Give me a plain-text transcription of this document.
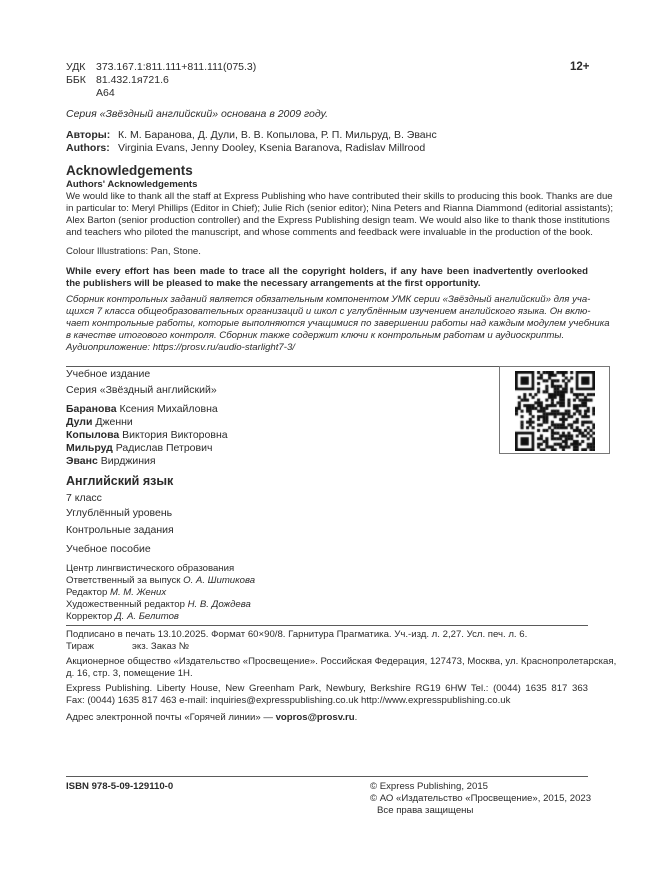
УДК 373.167.1:811.111+811.111(075.3)
ББК 81.432.1я721.6
А64
12+
Серия «Звёздный английский» основана в 2009 году.
Авторы: К. М. Баранова, Д. Дули, В. В. Копылова, Р. П. Мильруд, В. Эванс
Authors: Virginia Evans, Jenny Dooley, Ksenia Baranova, Radislav Millrood
Acknowledgements
Authors' Acknowledgements
We would like to thank all the staff at Express Publishing who have contributed their skills to producing this book. Thanks are due
in particular to: Meryl Phillips (Editor in Chief); Julie Rich (senior editor); Nina Peters and Rianna Diammond (editorial assistants);
Alex Barton (senior production controller) and the Express Publishing design team. We would also like to thank those institutions
and teachers who piloted the manuscript, and whose comments and feedback were invaluable in the production of the book.
Colour Illustrations: Pan, Stone.
While every effort has been made to trace all the copyright holders, if any have been inadvertently overlooked
the publishers will be pleased to make the necessary arrangements at the first opportunity.
Сборник контрольных заданий является обязательным компонентом УМК серии «Звёздный английский» для уча-
щихся 7 класса общеобразовательных организаций и школ с углублённым изучением английского языка. Он вклю-
чает контрольные работы, которые выполняются учащимися по завершении работы над каждым модулем учебника
в качестве итогового контроля. Сборник также содержит ключи к контрольным работам и аудиоскрипты.
Аудиоприложение: https://prosv.ru/audio-starlight7-3/
Учебное издание
Серия «Звёздный английский»
Баранова Ксения Михайловна
Дули Дженни
Копылова Виктория Викторовна
Мильруд Радислав Петрович
Эванс Вирджиния
Английский язык
7 класс
Углублённый уровень
Контрольные задания
Учебное пособие
Центр лингвистического образования
Ответственный за выпуск О. А. Шитикова
Редактор М. М. Жених
Художественный редактор Н. В. Дождева
Корректор Д. А. Белитов
Подписано в печать 13.10.2025. Формат 60×90/8. Гарнитура Прагматика. Уч.-изд. л. 2,27. Усл. печ. л. 6.
Тираж	экз. Заказ №
Акционерное общество «Издательство «Просвещение». Российская Федерация, 127473, Москва, ул. Краснопролетарская,
д. 16, стр. 3, помещение 1Н.
Express Publishing. Liberty House, New Greenham Park, Newbury, Berkshire RG19 6HW Tel.: (0044) 1635 817 363
Fax: (0044) 1635 817 463 e-mail: inquiries@expresspublishing.co.uk http://www.expresspublishing.co.uk
Адрес электронной почты «Горячей линии» — vopros@prosv.ru.
ISBN 978-5-09-129110-0	© Express Publishing, 2015
© АО «Издательство «Просвещение», 2015, 2023
Все права защищены
